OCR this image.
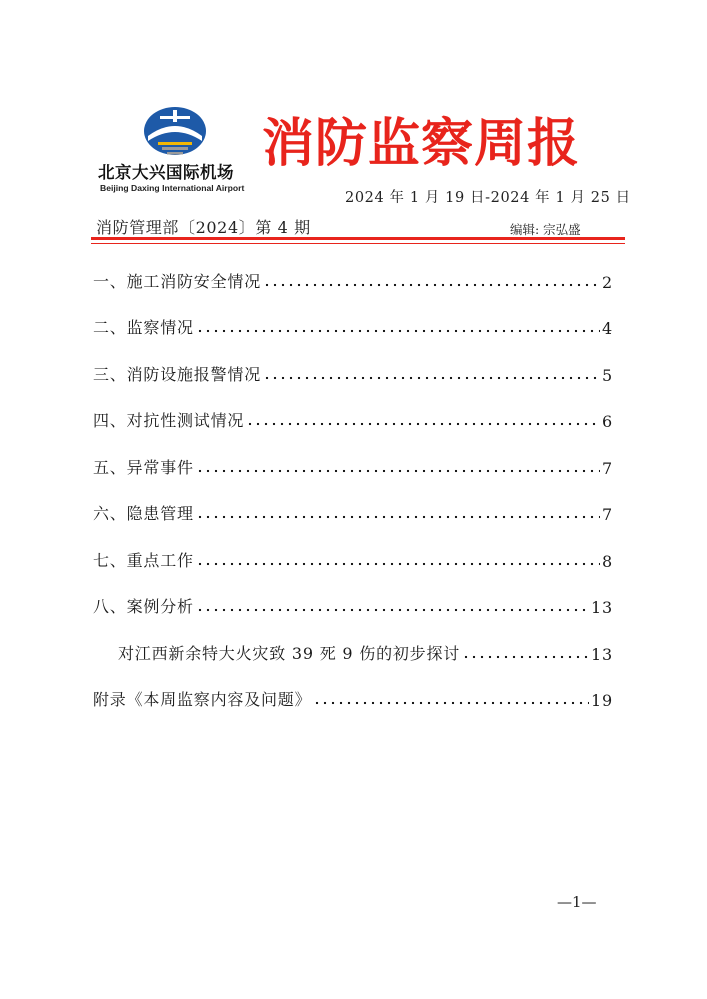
北京大兴国际机场
Beijing Daxing International Airport
消防监察周报
2024 年 1 月 19 日-2024 年 1 月 25 日
消防管理部〔2024〕第 4 期	编辑: 宗弘盛
一、施工消防安全情况	2
二、监察情况	4
三、消防设施报警情况	5
四、对抗性测试情况	6
五、异常事件	7
六、隐患管理	7
七、重点工作	8
八、案例分析	13
对江西新余特大火灾致 39 死 9 伤的初步探讨	13
附录《本周监察内容及问题》	19
—1—
